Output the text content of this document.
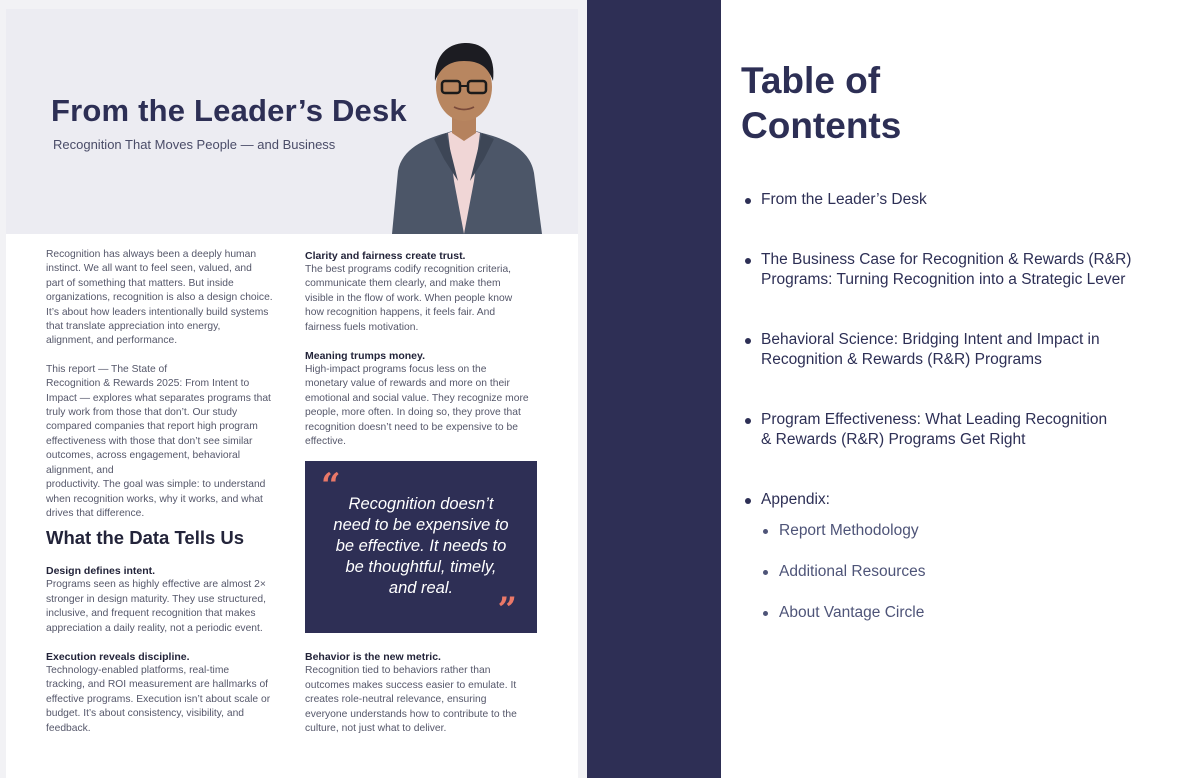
From the Leader’s Desk
Recognition That Moves People — and Business
Recognition has always been a deeply human
instinct. We all want to feel seen, valued, and
part of something that matters. But inside
organizations, recognition is also a design choice.
It’s about how leaders intentionally build systems
that translate appreciation into energy,
alignment, and performance.
This report — The State of
Recognition & Rewards 2025: From Intent to
Impact — explores what separates programs that
truly work from those that don’t. Our study
compared companies that report high program
effectiveness with those that don’t see similar
outcomes, across engagement, behavioral
alignment, and
productivity. The goal was simple: to understand
when recognition works, why it works, and what
drives that difference.
What the Data Tells Us
Design defines intent.
Programs seen as highly effective are almost 2×
stronger in design maturity. They use structured,
inclusive, and frequent recognition that makes
appreciation a daily reality, not a periodic event.
Execution reveals discipline.
Technology-enabled platforms, real-time
tracking, and ROI measurement are hallmarks of
effective programs. Execution isn’t about scale or
budget. It’s about consistency, visibility, and
feedback.
Clarity and fairness create trust.
The best programs codify recognition criteria,
communicate them clearly, and make them
visible in the flow of work. When people know
how recognition happens, it feels fair. And
fairness fuels motivation.
Meaning trumps money.
High-impact programs focus less on the
monetary value of rewards and more on their
emotional and social value. They recognize more
people, more often. In doing so, they prove that
recognition doesn’t need to be expensive to be
effective.
“ Recognition doesn’t
need to be expensive to
be effective. It needs to
be thoughtful, timely,
and real.
”
Behavior is the new metric.
Recognition tied to behaviors rather than
outcomes makes success easier to emulate. It
creates role-neutral relevance, ensuring
everyone understands how to contribute to the
culture, not just what to deliver.
Table of
Contents
From the Leader’s Desk
The Business Case for Recognition & Rewards (R&R)
Programs: Turning Recognition into a Strategic Lever
Behavioral Science: Bridging Intent and Impact in
Recognition & Rewards (R&R) Programs
Program Effectiveness: What Leading Recognition
& Rewards (R&R) Programs Get Right
Appendix:
Report Methodology
Additional Resources
About Vantage Circle
